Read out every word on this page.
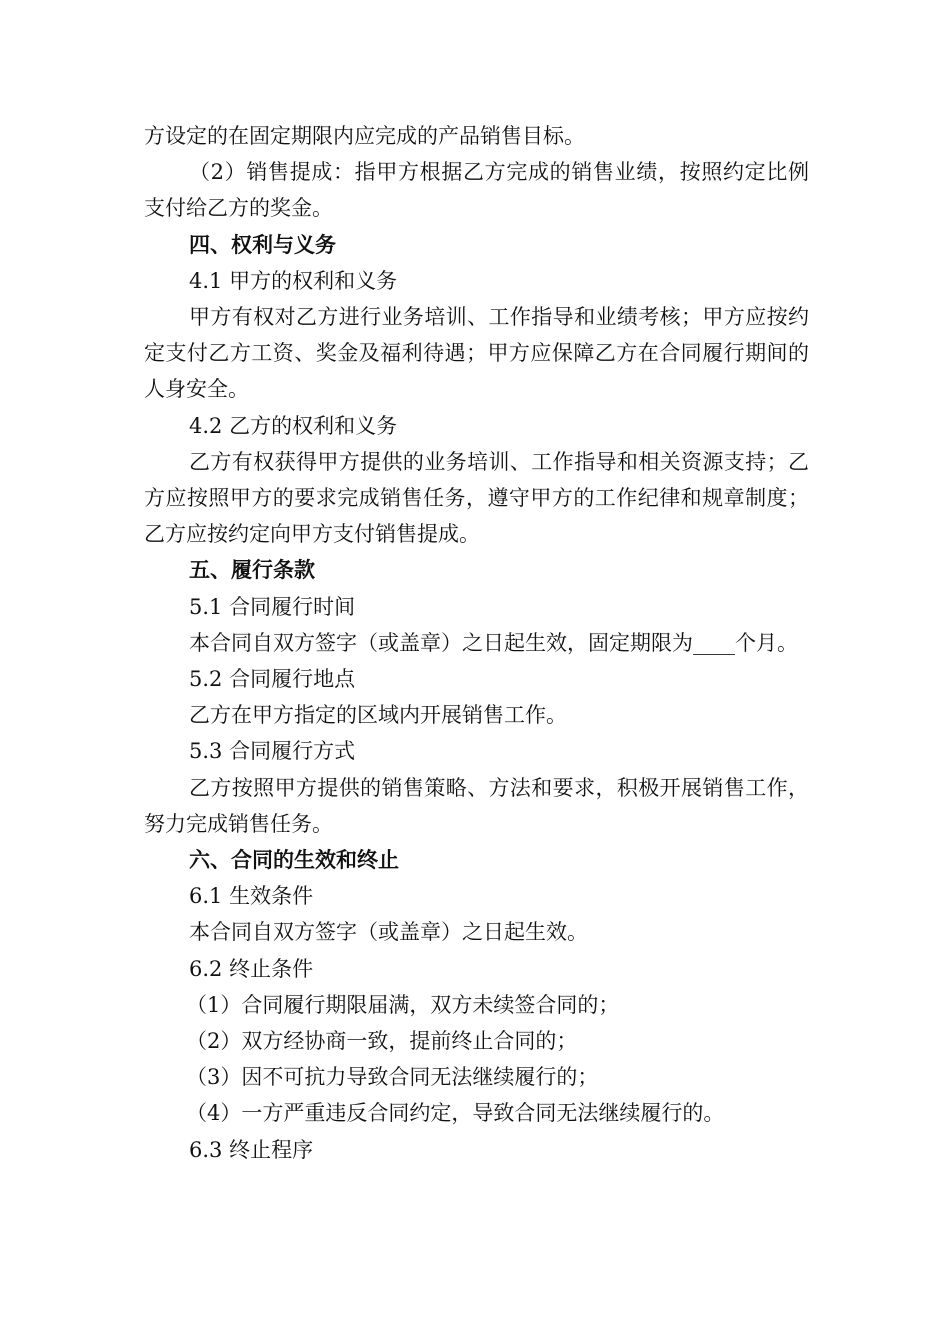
方设定的在固定期限内应完成的产品销售目标。

（2）销售提成：指甲方根据乙方完成的销售业绩，按照约定比例支付给乙方的奖金。

四、权利与义务

4.1 甲方的权利和义务

甲方有权对乙方进行业务培训、工作指导和业绩考核；甲方应按约定支付乙方工资、奖金及福利待遇；甲方应保障乙方在合同履行期间的人身安全。

4.2 乙方的权利和义务

乙方有权获得甲方提供的业务培训、工作指导和相关资源支持；乙方应按照甲方的要求完成销售任务，遵守甲方的工作纪律和规章制度；乙方应按约定向甲方支付销售提成。

五、履行条款

5.1 合同履行时间

本合同自双方签字（或盖章）之日起生效，固定期限为____个月。

5.2 合同履行地点

乙方在甲方指定的区域内开展销售工作。

5.3 合同履行方式

乙方按照甲方提供的销售策略、方法和要求，积极开展销售工作，努力完成销售任务。

六、合同的生效和终止

6.1 生效条件

本合同自双方签字（或盖章）之日起生效。

6.2 终止条件

（1）合同履行期限届满，双方未续签合同的；

（2）双方经协商一致，提前终止合同的；

（3）因不可抗力导致合同无法继续履行的；

（4）一方严重违反合同约定，导致合同无法继续履行的。

6.3 终止程序
